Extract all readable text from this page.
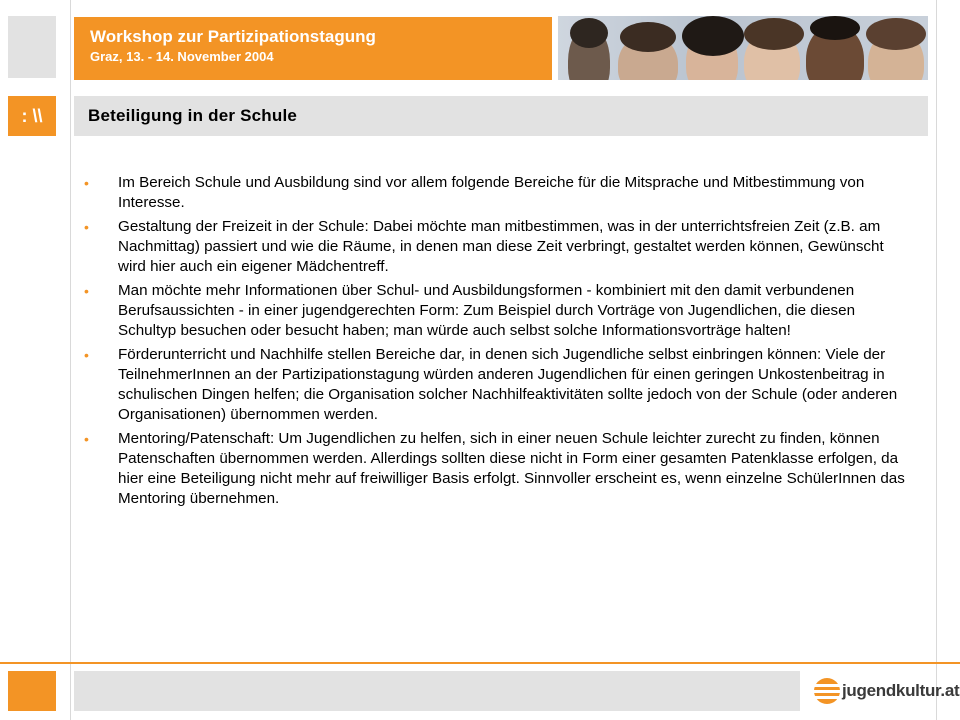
Workshop zur Partizipationstagung
Graz, 13. - 14. November 2004
: \\	Beteiligung in der Schule
• Im Bereich Schule und Ausbildung sind vor allem folgende Bereiche für die Mitsprache und Mitbestimmung von Interesse.
• Gestaltung der Freizeit in der Schule: Dabei möchte man mitbestimmen, was in der unterrichtsfreien Zeit (z.B. am Nachmittag) passiert und wie die Räume, in denen man diese Zeit verbringt, gestaltet werden können, Gewünscht wird hier auch ein eigener Mädchentreff.
• Man möchte mehr Informationen über Schul- und Ausbildungsformen - kombiniert mit den damit verbundenen Berufsaussichten - in einer jugendgerechten Form: Zum Beispiel durch Vorträge von Jugendlichen, die diesen Schultyp besuchen oder besucht haben; man würde auch selbst solche Informationsvorträge halten!
• Förderunterricht und Nachhilfe stellen Bereiche dar, in denen sich Jugendliche selbst einbringen können: Viele der TeilnehmerInnen an der Partizipationstagung würden anderen Jugendlichen für einen geringen Unkostenbeitrag in schulischen Dingen helfen; die Organisation solcher Nachhilfeaktivitäten sollte jedoch von der Schule (oder anderen Organisationen) übernommen werden.
• Mentoring/Patenschaft: Um Jugendlichen zu helfen, sich in einer neuen Schule leichter zurecht zu finden, können Patenschaften übernommen werden. Allerdings sollten diese nicht in Form einer gesamten Patenklasse erfolgen, da hier eine Beteiligung nicht mehr auf freiwilliger Basis erfolgt. Sinnvoller erscheint es, wenn einzelne SchülerInnen das Mentoring übernehmen.
jugendkultur.at
